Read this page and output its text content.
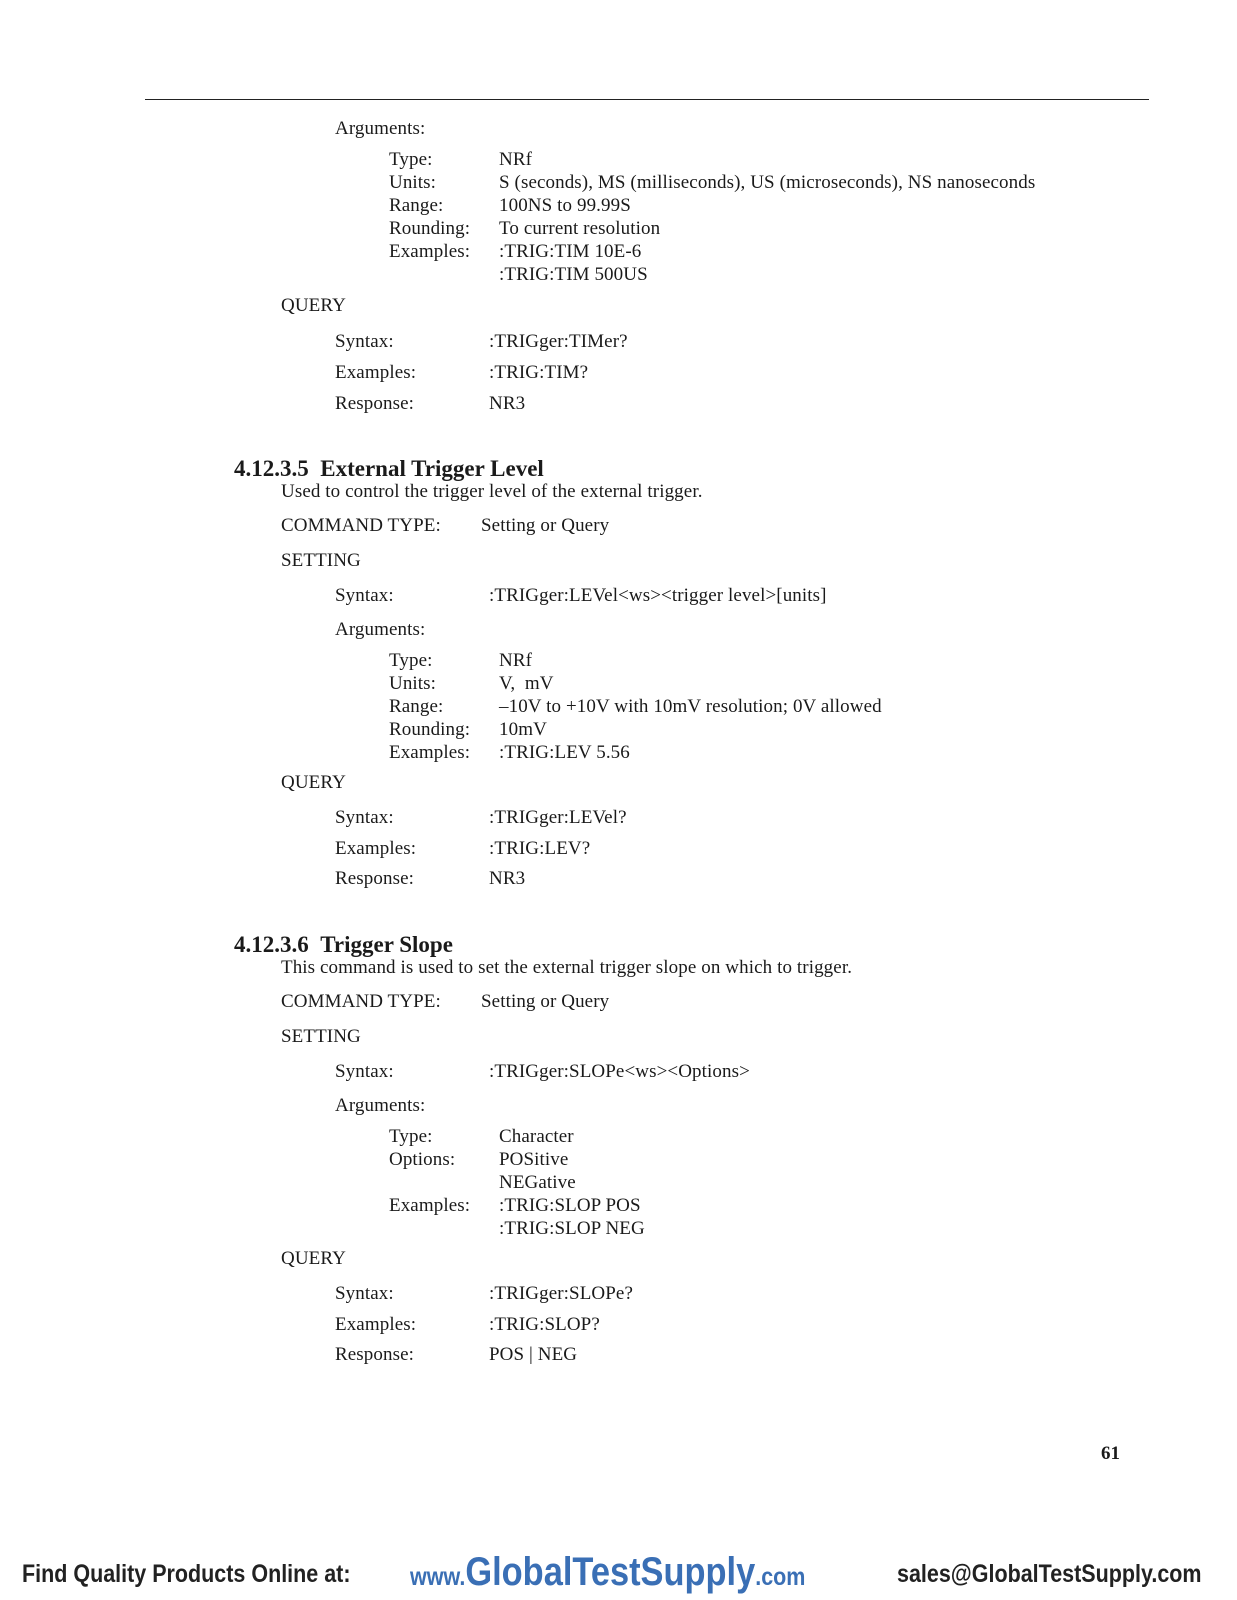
Arguments:
Type:	NRf
Units:	S (seconds), MS (milliseconds), US (microseconds), NS nanoseconds
Range:	100NS to 99.99S
Rounding: To current resolution
Examples: :TRIG:TIM 10E-6
:TRIG:TIM 500US
QUERY
Syntax:	:TRIGger:TIMer?
Examples:	:TRIG:TIM?
Response:	NR3
4.12.3.5 External Trigger Level
Used to control the trigger level of the external trigger.
COMMAND TYPE: Setting or Query
SETTING
Syntax:	:TRIGger:LEVel<ws><trigger level>[units]
Arguments:
Type:	NRf
Units:	V,  mV
Range:	–10V to +10V with 10mV resolution; 0V allowed
Rounding: 10mV
Examples: :TRIG:LEV 5.56
QUERY
Syntax:	:TRIGger:LEVel?
Examples:	:TRIG:LEV?
Response:	NR3
4.12.3.6 Trigger Slope
This command is used to set the external trigger slope on which to trigger.
COMMAND TYPE: Setting or Query
SETTING
Syntax:	:TRIGger:SLOPe<ws><Options>
Arguments:
Type:	Character
Options: POSitive
NEGative
Examples: :TRIG:SLOP POS
:TRIG:SLOP NEG
QUERY
Syntax:	:TRIGger:SLOPe?
Examples:	:TRIG:SLOP?
Response:	POS | NEG
61
Find Quality Products Online at: www.GlobalTestSupply.com	sales@GlobalTestSupply.com
